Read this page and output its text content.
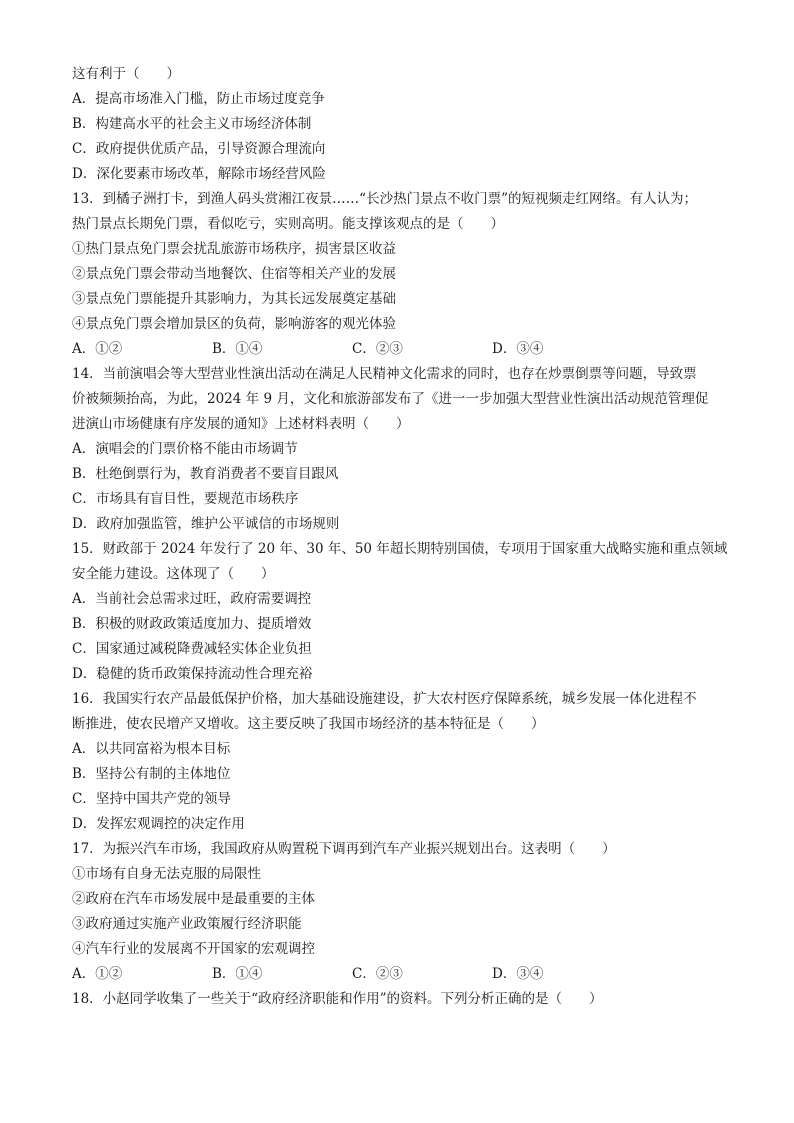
这有利于（　　）
A．提高市场准入门槛，防止市场过度竞争
B．构建高水平的社会主义市场经济体制
C．政府提供优质产品，引导资源合理流向
D．深化要素市场改革，解除市场经营风险
13．到橘子洲打卡，到渔人码头赏湘江夜景……“长沙热门景点不收门票”的短视频走红网络。有人认为；
热门景点长期免门票，看似吃亏，实则高明。能支撑该观点的是（　　）
①热门景点免门票会扰乱旅游市场秩序，损害景区收益
②景点免门票会带动当地餐饮、住宿等相关产业的发展
③景点免门票能提升其影响力，为其长远发展奠定基础
④景点免门票会增加景区的负荷，影响游客的观光体验
A．①②	B．①④	C．②③	D．③④
14．当前演唱会等大型营业性演出活动在满足人民精神文化需求的同时，也存在炒票倒票等问题，导致票
价被频频抬高，为此，2024 年 9 月，文化和旅游部发布了《进一一步加强大型营业性演出活动规范管理促
进演山市场健康有序发展的通知》上述材料表明（　　）
A．演唱会的门票价格不能由市场调节
B．杜绝倒票行为，教育消费者不要盲目跟风
C．市场具有盲目性，要规范市场秩序
D．政府加强监管，维护公平诚信的市场规则
15．财政部于 2024 年发行了 20 年、30 年、50 年超长期特别国债，专项用于国家重大战略实施和重点领域
安全能力建设。这体现了（　　）
A．当前社会总需求过旺，政府需要调控
B．积极的财政政策适度加力、提质增效
C．国家通过减税降费减轻实体企业负担
D．稳健的货币政策保持流动性合理充裕
16．我国实行农产品最低保护价格，加大基础设施建设，扩大农村医疗保障系统，城乡发展一体化进程不
断推进，使农民增产又增收。这主要反映了我国市场经济的基本特征是（　　）
A．以共同富裕为根本目标
B．坚持公有制的主体地位
C．坚持中国共产党的领导
D．发挥宏观调控的决定作用
17．为振兴汽车市场，我国政府从购置税下调再到汽车产业振兴规划出台。这表明（　　）
①市场有自身无法克服的局限性
②政府在汽车市场发展中是最重要的主体
③政府通过实施产业政策履行经济职能
④汽车行业的发展离不开国家的宏观调控
A．①②	B．①④	C．②③	D．③④
18．小赵同学收集了一些关于“政府经济职能和作用”的资料。下列分析正确的是（　　）
